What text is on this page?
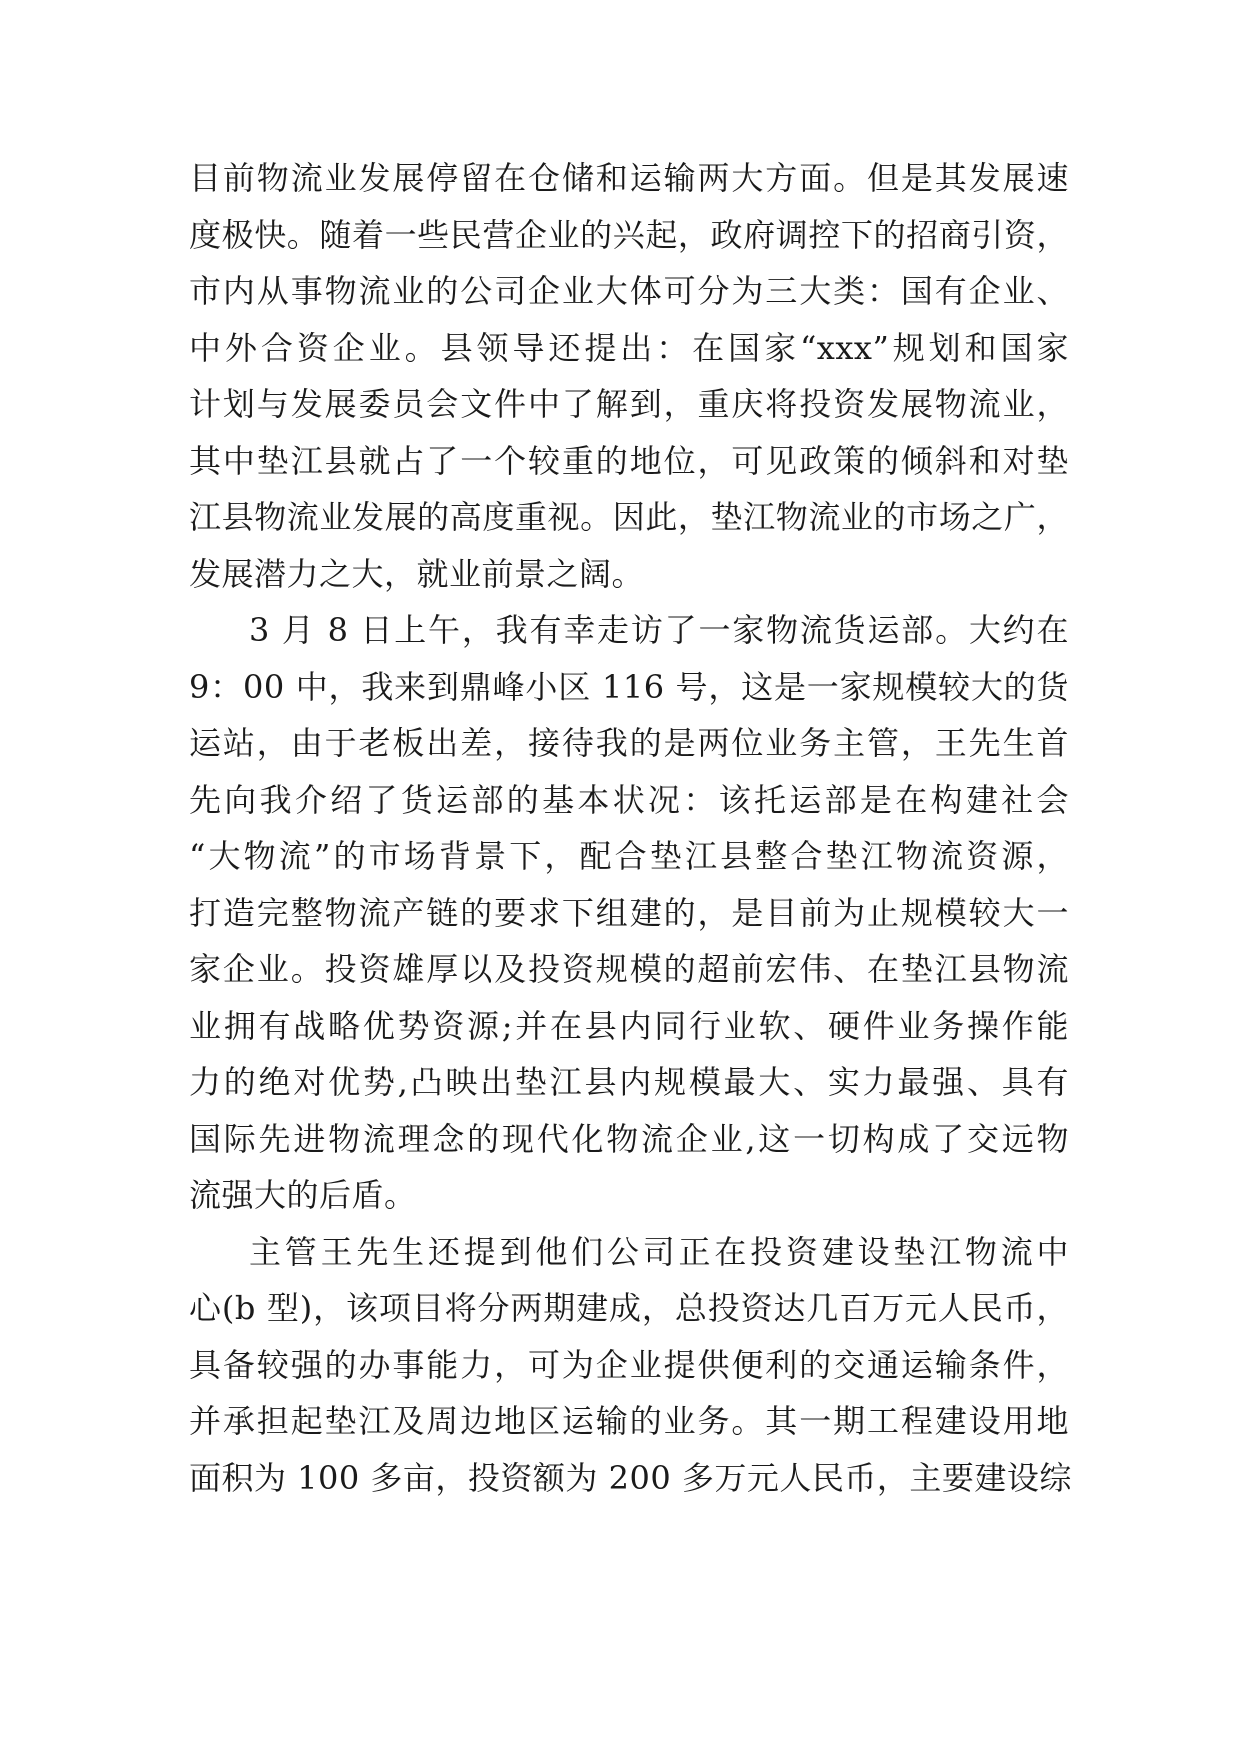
目前物流业发展停留在仓储和运输两大方面。但是其发展速
度极快。随着一些民营企业的兴起，政府调控下的招商引资，
市内从事物流业的公司企业大体可分为三大类：国有企业、
中外合资企业。县领导还提出：在国家“xxx”规划和国家
计划与发展委员会文件中了解到，重庆将投资发展物流业，
其中垫江县就占了一个较重的地位，可见政策的倾斜和对垫
江县物流业发展的高度重视。因此，垫江物流业的市场之广，
发展潜力之大，就业前景之阔。
3 月 8 日上午，我有幸走访了一家物流货运部。大约在
9：00 中，我来到鼎峰小区 116 号，这是一家规模较大的货
运站，由于老板出差，接待我的是两位业务主管，王先生首
先向我介绍了货运部的基本状况：该托运部是在构建社会
“大物流”的市场背景下，配合垫江县整合垫江物流资源，
打造完整物流产链的要求下组建的，是目前为止规模较大一
家企业。投资雄厚以及投资规模的超前宏伟、在垫江县物流
业拥有战略优势资源;并在县内同行业软、硬件业务操作能
力的绝对优势,凸映出垫江县内规模最大、实力最强、具有
国际先进物流理念的现代化物流企业,这一切构成了交远物
流强大的后盾。
主管王先生还提到他们公司正在投资建设垫江物流中
心(b 型)，该项目将分两期建成，总投资达几百万元人民币，
具备较强的办事能力，可为企业提供便利的交通运输条件，
并承担起垫江及周边地区运输的业务。其一期工程建设用地
面积为 100 多亩，投资额为 200 多万元人民币，主要建设综
